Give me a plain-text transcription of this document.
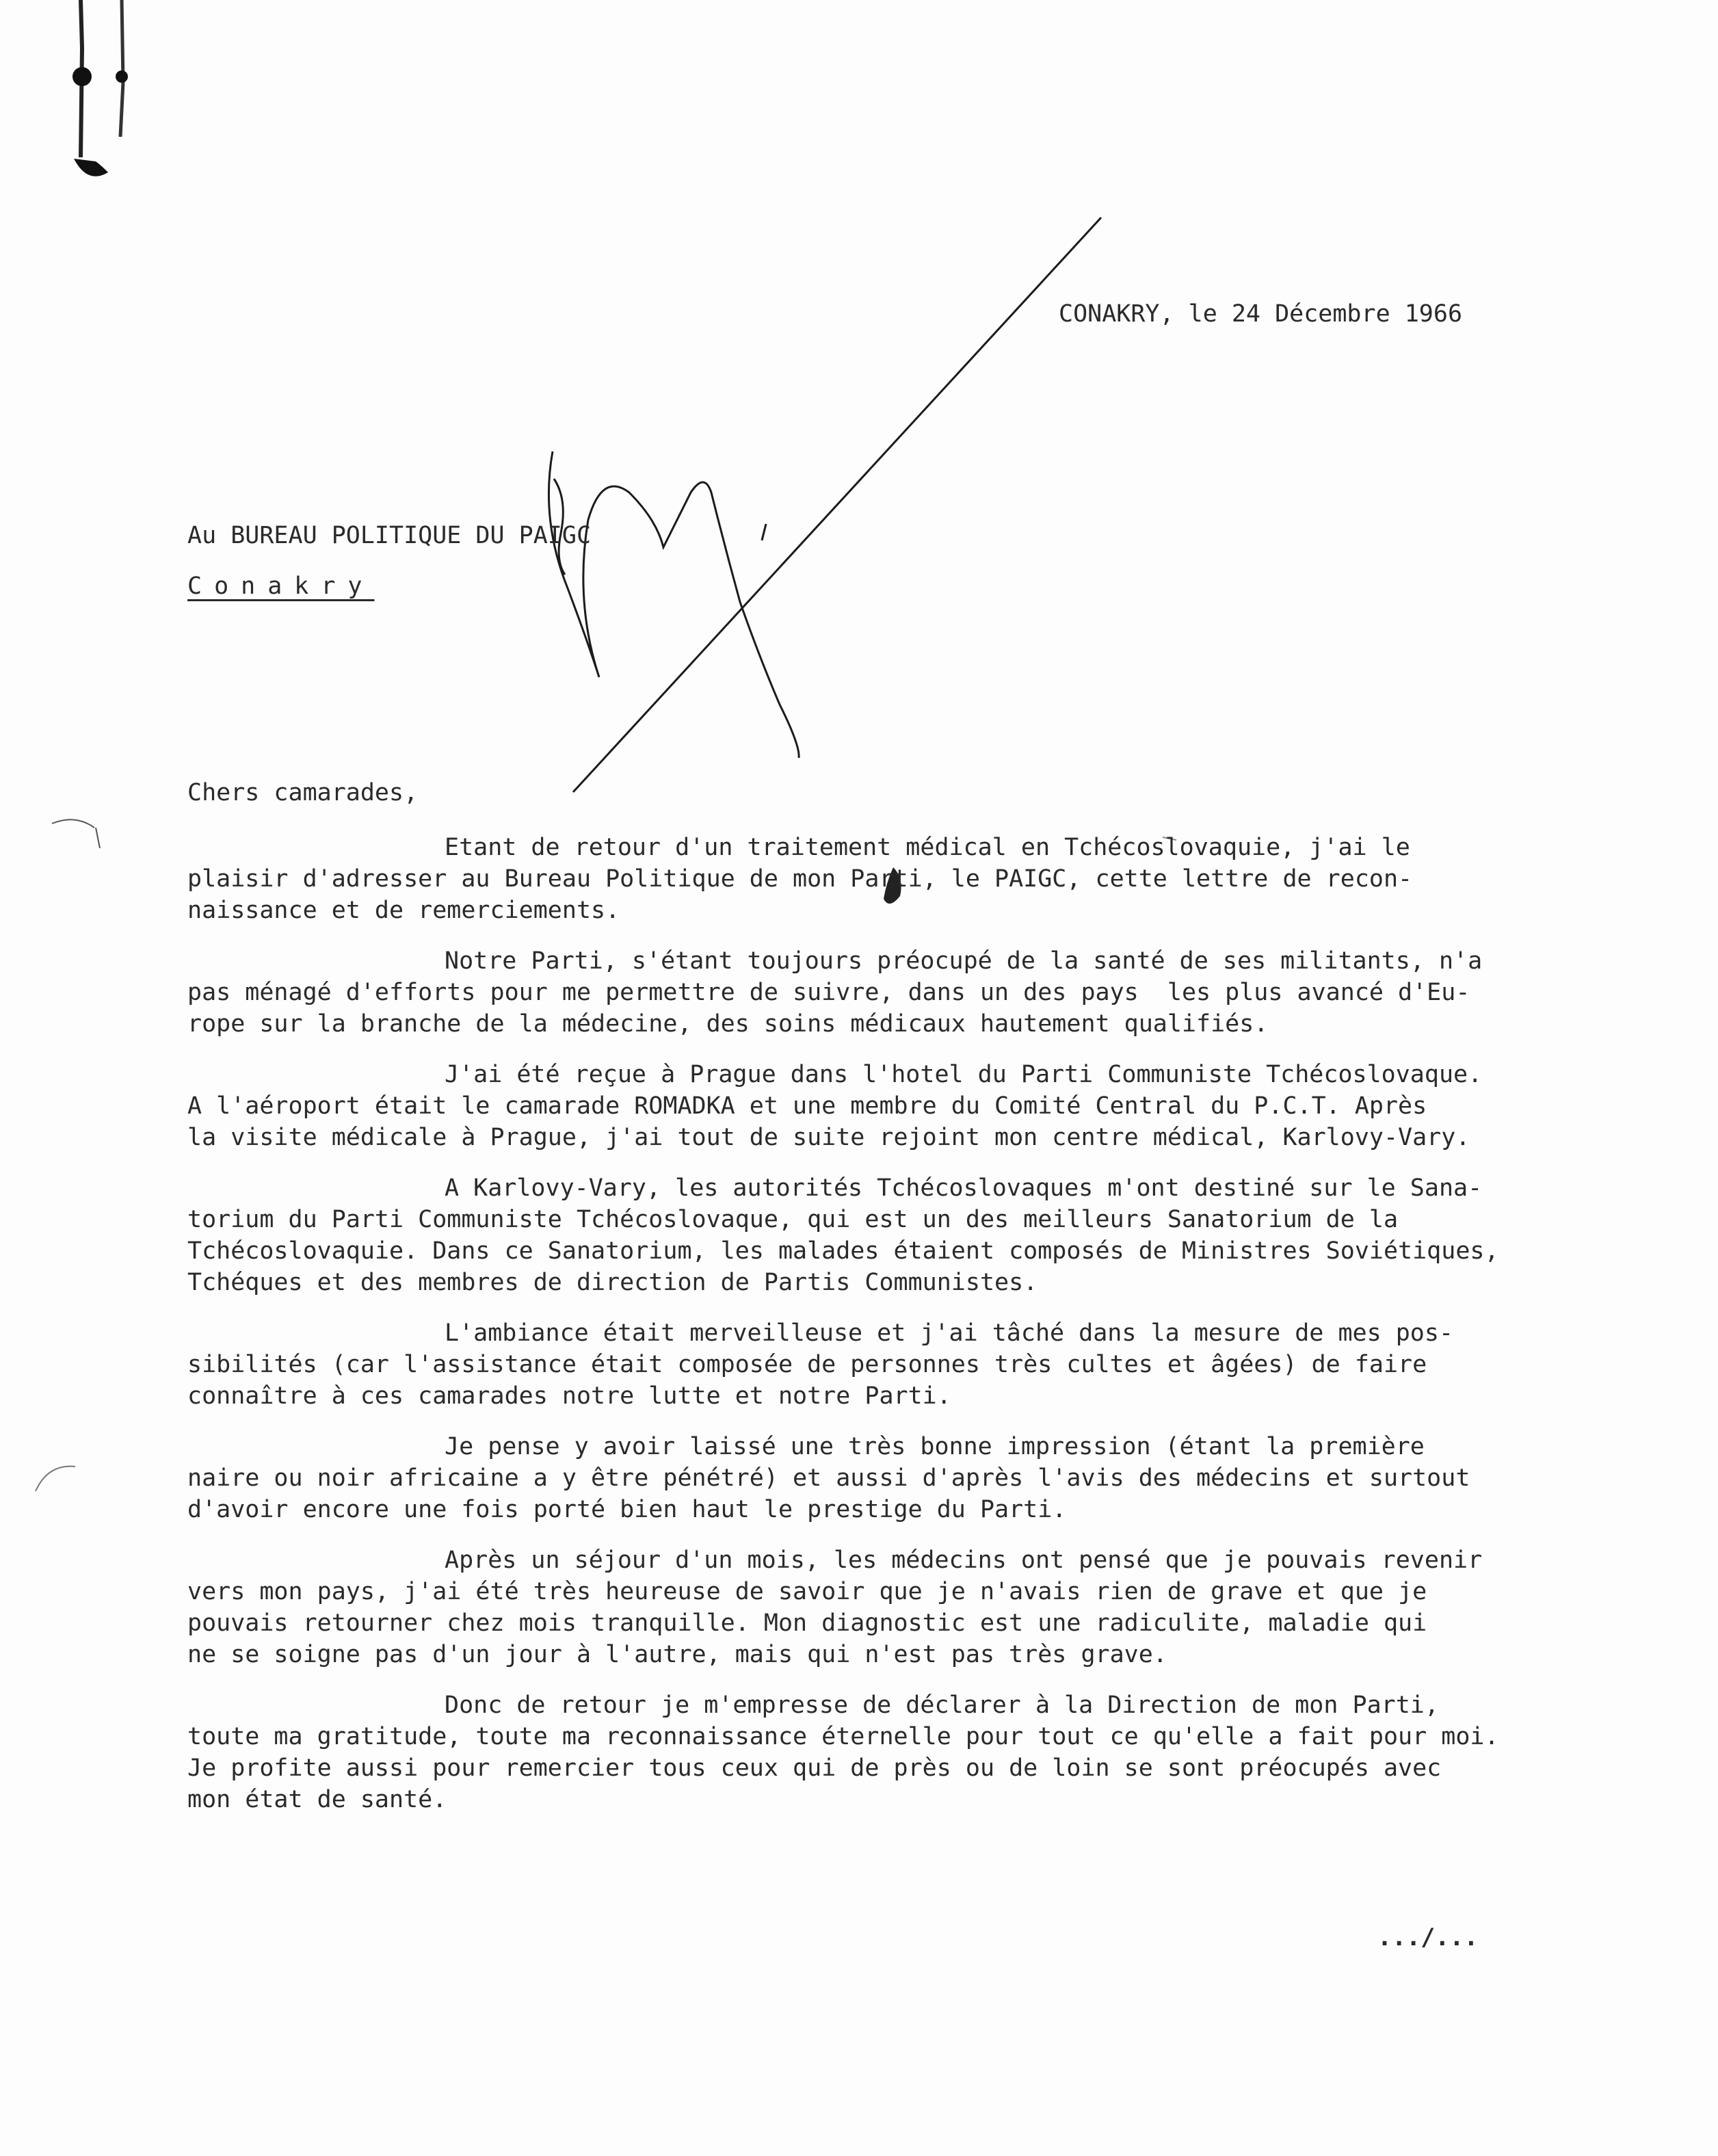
CONAKRY, le 24 Décembre 1966
Au BUREAU POLITIQUE DU PAIGC
Conakry
Chers camarades,
Etant de retour d'un traitement médical en Tchécoslovaquie, j'ai le
plaisir d'adresser au Bureau Politique de mon Parti, le PAIGC, cette lettre de recon-
naissance et de remerciements.
Notre Parti, s'étant toujours préocupé de la santé de ses militants, n'a
pas ménagé d'efforts pour me permettre de suivre, dans un des pays  les plus avancé d'Eu-
rope sur la branche de la médecine, des soins médicaux hautement qualifiés.
J'ai été reçue à Prague dans l'hotel du Parti Communiste Tchécoslovaque.
A l'aéroport était le camarade ROMADKA et une membre du Comité Central du P.C.T. Après
la visite médicale à Prague, j'ai tout de suite rejoint mon centre médical, Karlovy-Vary.
A Karlovy-Vary, les autorités Tchécoslovaques m'ont destiné sur le Sana-
torium du Parti Communiste Tchécoslovaque, qui est un des meilleurs Sanatorium de la
Tchécoslovaquie. Dans ce Sanatorium, les malades étaient composés de Ministres Soviétiques,
Tchéques et des membres de direction de Partis Communistes.
L'ambiance était merveilleuse et j'ai tâché dans la mesure de mes pos-
sibilités (car l'assistance était composée de personnes très cultes et âgées) de faire
connaître à ces camarades notre lutte et notre Parti.
Je pense y avoir laissé une très bonne impression (étant la première
naire ou noir africaine a y être pénétré) et aussi d'après l'avis des médecins et surtout
d'avoir encore une fois porté bien haut le prestige du Parti.
Après un séjour d'un mois, les médecins ont pensé que je pouvais revenir
vers mon pays, j'ai été très heureuse de savoir que je n'avais rien de grave et que je
pouvais retourner chez mois tranquille. Mon diagnostic est une radiculite, maladie qui
ne se soigne pas d'un jour à l'autre, mais qui n'est pas très grave.
Donc de retour je m'empresse de déclarer à la Direction de mon Parti,
toute ma gratitude, toute ma reconnaissance éternelle pour tout ce qu'elle a fait pour moi.
Je profite aussi pour remercier tous ceux qui de près ou de loin se sont préocupés avec
mon état de santé.
.../...
